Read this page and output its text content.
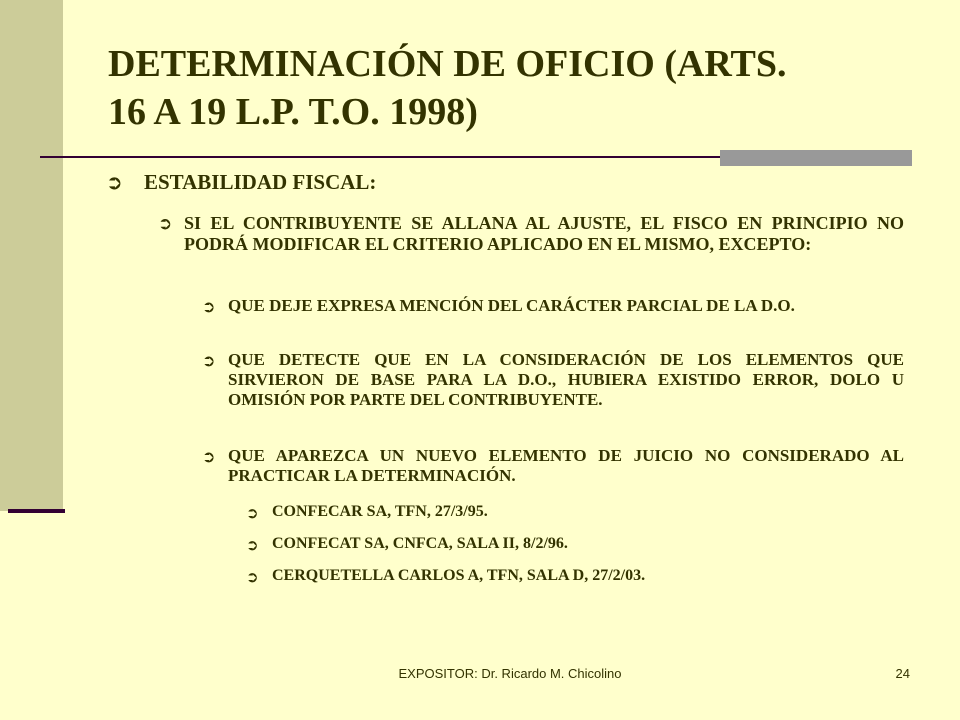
DETERMINACIÓN DE OFICIO (ARTS.
16 A 19 L.P. T.O. 1998)
➲	ESTABILIDAD FISCAL:
➲ SI EL CONTRIBUYENTE SE ALLANA AL AJUSTE, EL FISCO EN PRINCIPIO NO PODRÁ MODIFICAR EL CRITERIO APLICADO EN EL MISMO, EXCEPTO:
➲ QUE DEJE EXPRESA MENCIÓN DEL CARÁCTER PARCIAL DE LA D.O.
➲ QUE DETECTE QUE EN LA CONSIDERACIÓN DE LOS ELEMENTOS QUE SIRVIERON DE BASE PARA LA D.O., HUBIERA EXISTIDO ERROR, DOLO U OMISIÓN POR PARTE DEL CONTRIBUYENTE.
➲ QUE APAREZCA UN NUEVO ELEMENTO DE JUICIO NO CONSIDERADO AL PRACTICAR LA DETERMINACIÓN.
➲ CONFECAR SA, TFN, 27/3/95.
➲ CONFECAT SA, CNFCA, SALA II, 8/2/96.
➲ CERQUETELLA CARLOS A, TFN, SALA D, 27/2/03.
EXPOSITOR: Dr. Ricardo M. Chicolino	24
